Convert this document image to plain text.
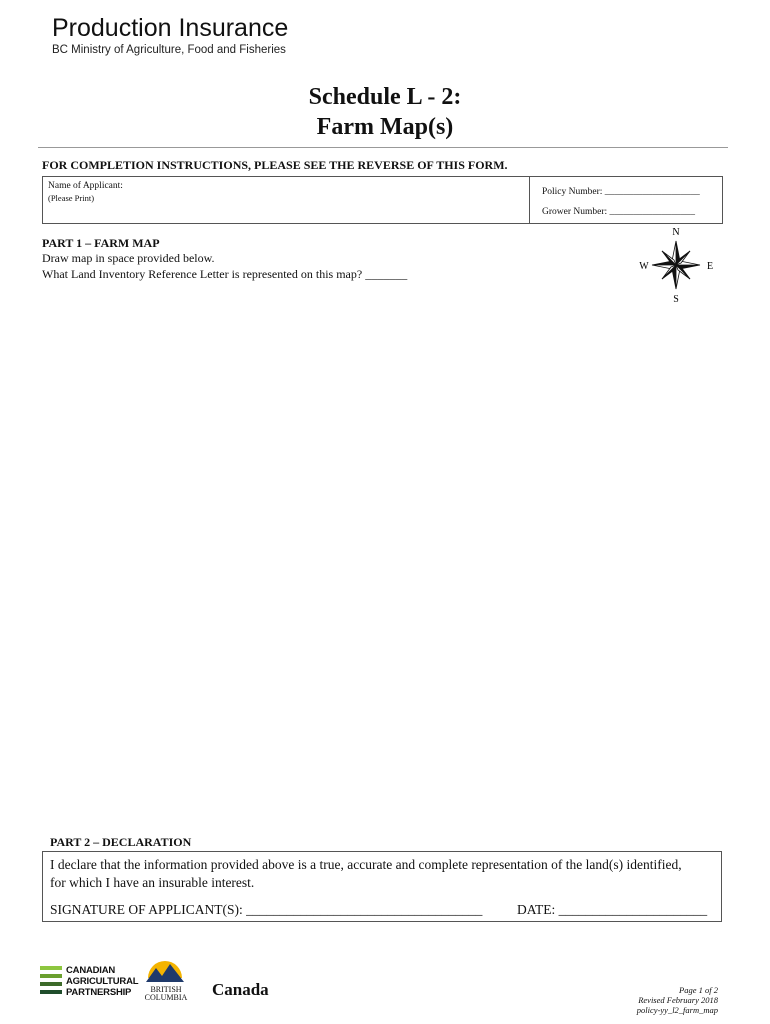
Production Insurance
BC Ministry of Agriculture, Food and Fisheries
Schedule L - 2:
Farm Map(s)
FOR COMPLETION INSTRUCTIONS, PLEASE SEE THE REVERSE OF THIS FORM.
Name of Applicant:
(Please Print)
Policy Number: ____________________
Grower Number: __________________
PART 1 – FARM MAP
Draw map in space provided below.
What Land Inventory Reference Letter is represented on this map? _______
N
S
E
W
PART 2 – DECLARATION
I declare that the information provided above is a true, accurate and complete representation of the land(s) identified,
for which I have an insurable interest.
SIGNATURE OF APPLICANT(S): ___________________________________	DATE: ______________________
CANADIAN
AGRICULTURAL
PARTNERSHIP	BRITISH
COLUMBIA Canada	Page 1 of 2
Revised February 2018
policy-yy_l2_farm_map
